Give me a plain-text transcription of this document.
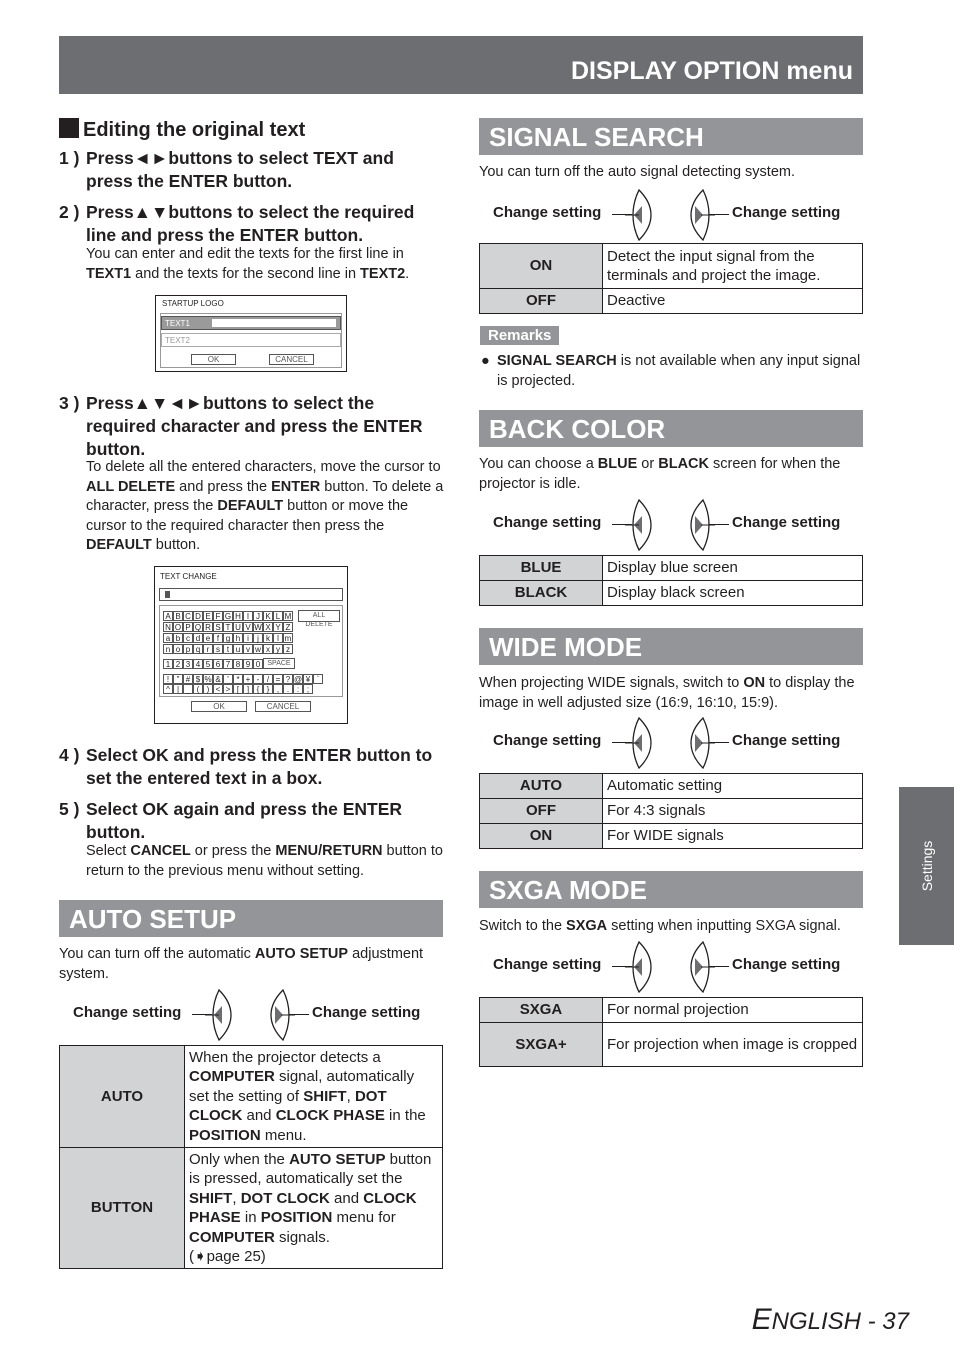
DISPLAY OPTION menu
Settings
Editing the original text
1 ) Press◄►buttons to select TEXT and press the ENTER button.
2 ) Press▲▼buttons to select the required line and press the ENTER button.
You can enter and edit the texts for the first line in TEXT1 and the texts for the second line in TEXT2.
STARTUP LOGO
TEXT1
TEXT2
OK	CANCEL
3 ) Press▲▼◄►buttons to select the required character and press the ENTER button.
To delete all the entered characters, move the cursor to ALL DELETE and press the ENTER button. To delete a character, press the DEFAULT button or move the cursor to the required character then press the DEFAULT button.
TEXT CHANGE
A B C D E F G H I J K L M
N O P Q R S T U V W X Y Z
a b c d e f g h i	j k l m
n o p q r s t u v w x y z
1 2 3 4 5 6 7 8 9 0
! " # $ % & ' * + - / = ? @ ¥ `
^ | _ ( ) < > [ ] { } , . : ;
ALL DELETE
SPACE
OK	CANCEL
4 ) Select OK and press the ENTER button to set the entered text in a box.
5 ) Select OK again and press the ENTER button.
Select CANCEL or press the MENU/RETURN button to return to the previous menu without setting.
AUTO SETUP
You can turn off the automatic AUTO SETUP adjustment system.
Change setting	Change setting
AUTO	When the projector detects a COMPUTER signal, automatically set the setting of SHIFT, DOT CLOCK and CLOCK PHASE in the POSITION menu.
BUTTON	Only when the AUTO SETUP button is pressed, automatically set the SHIFT, DOT CLOCK and CLOCK PHASE in POSITION menu for COMPUTER signals.
(➧page 25)
SIGNAL SEARCH
You can turn off the auto signal detecting system.
Change setting	Change setting
ON	Detect the input signal from the terminals and project the image.
OFF	Deactive
Remarks
● SIGNAL SEARCH is not available when any input signal is projected.
BACK COLOR
You can choose a BLUE or BLACK screen for when the projector is idle.
Change setting	Change setting
BLUE	Display blue screen
BLACK	Display black screen
WIDE MODE
When projecting WIDE signals, switch to ON to display the image in well adjusted size (16:9, 16:10, 15:9).
Change setting	Change setting
AUTO	Automatic setting
OFF	For 4:3 signals
ON	For WIDE signals
SXGA MODE
Switch to the SXGA setting when inputting SXGA signal.
Change setting	Change setting
SXGA	For normal projection
SXGA+	For projection when image is cropped
ENGLISH - 37
